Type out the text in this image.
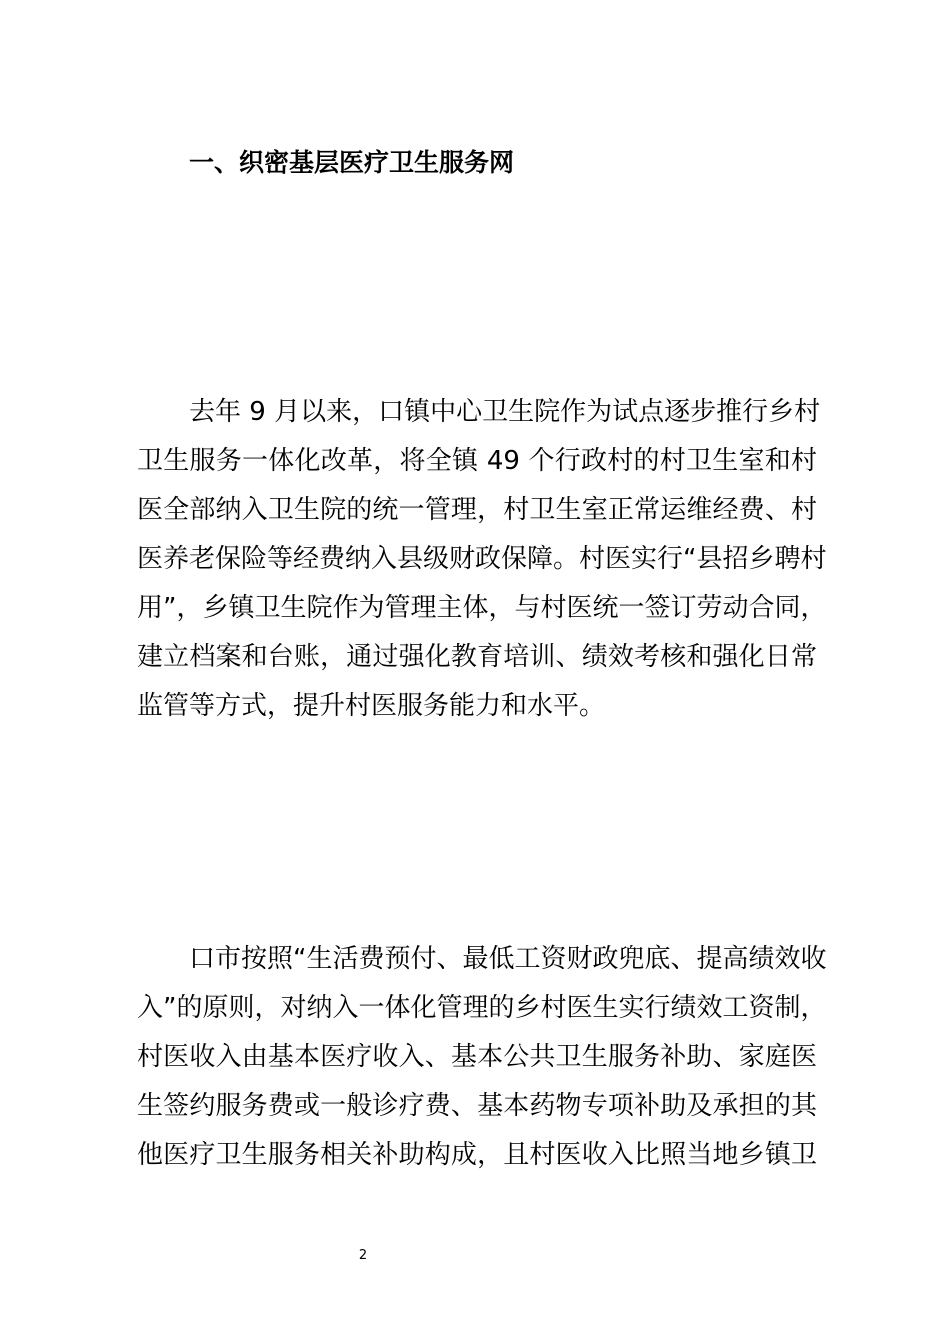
一、织密基层医疗卫生服务网
去年 9 月以来，口镇中心卫生院作为试点逐步推行乡村
卫生服务一体化改革，将全镇 49 个行政村的村卫生室和村
医全部纳入卫生院的统一管理，村卫生室正常运维经费、村
医养老保险等经费纳入县级财政保障。村医实行“县招乡聘村
用”，乡镇卫生院作为管理主体，与村医统一签订劳动合同，
建立档案和台账，通过强化教育培训、绩效考核和强化日常
监管等方式，提升村医服务能力和水平。
口市按照“生活费预付、最低工资财政兜底、提高绩效收
入”的原则，对纳入一体化管理的乡村医生实行绩效工资制，
村医收入由基本医疗收入、基本公共卫生服务补助、家庭医
生签约服务费或一般诊疗费、基本药物专项补助及承担的其
他医疗卫生服务相关补助构成，且村医收入比照当地乡镇卫
2
